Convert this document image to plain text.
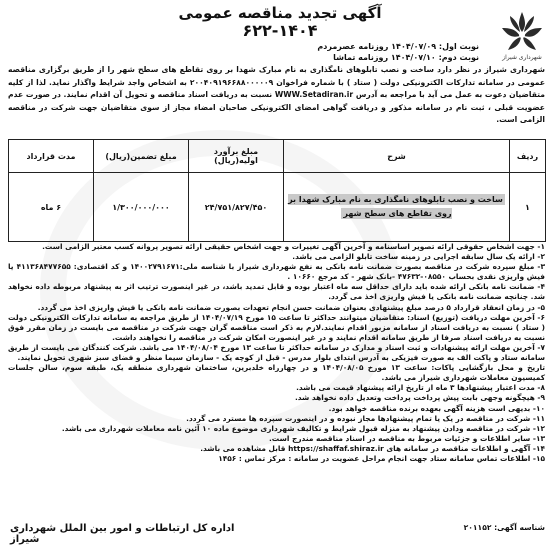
شهرداری شیراز
آگهی تجدید مناقصه عمومی
۶۲۲-۱۴۰۴
نوبت اول: ۱۴۰۴/۰۷/۰۹ روزنامه عصرمردم
نوبت دوم: ۱۴۰۴/۰۷/۱۰ روزنامه تماشا
شهرداری شیراز در نظر دارد ساخت و نصب تابلوهای نامگذاری به نام مبارک شهدا بر روی تقاطع های سطح شهر را از طریق برگزاری مناقصه عمومی در سامانه تدارکات الکترونیکی دولت ( ستاد ) با شماره فراخوان ۲۰۰۴۰۹۱۹۶۶۸۸۰۰۰۰۰۹ به اشخاص واجد شرایط واگذار نماید. لذا از کلیه متقاضیان دعوت به عمل می آید با مراجعه به آدرس WWW.Setadiran.ir نسبت به دریافت اسناد مناقصه و تحویل آن اقدام نمایند. در صورت عدم عضویت قبلی ، ثبت نام در سامانه مذکور و دریافت گواهی امضای الکترونیکی صاحبان امضاء مجاز از سوی متقاضیان جهت شرکت در مناقصه الزامی است.
ردیف	شرح	مبلغ برآورد اولیه(ریال)	مبلغ تضمین(ریال)	مدت قرارداد
۱	ساخت و نصب تابلوهای نامگذاری به نام مبارک شهدا بر روی تقاطع های سطح شهر	۲۴/۷۵۱/۸۲۷/۴۵۰	۱/۳۰۰/۰۰۰/۰۰۰	۶ ماه

۱- جهت اشخاص حقوقی ارائه تصویر اساسنامه و آخرین آگهی تغییرات و جهت اشخاص حقیقی ارائه تصویر پروانه کسب معتبر الزامی است.

۲- ارائه یک سال سابقه اجرایی در زمینه ساخت تابلو الزامی می باشد.

۳- مبلغ سپرده شرکت در مناقصه بصورت ضمانت نامه بانکی به نفع شهرداری شیراز با شناسه ملی:۱۴۰۰۲۷۹۱۶۷۱ و کد اقتصادی: ۴۱۱۳۶۸۴۷۷۶۵۵ یا فیش واریزی نقدی بحساب ۰۸۵۵۰-۴۷۶۳۲ -بانک شهر - کد مرجع ۱۰۶۶۰ .

۴- ضمانت نامه بانکی ارائه شده باید دارای حداقل سه ماه اعتبار بوده و قابل تمدید باشد، در غیر اینصورت ترتیب اثر به پیشنهاد مربوطه داده نخواهد شد. چنانچه ضمانت نامه بانکی یا فیش واریزی اخذ می گردد.

۵- در زمان انعقاد قرارداد ۵ درصد مبلغ پیشنهادی بعنوان ضمانت حسن انجام تعهدات بصورت ضمانت نامه بانکی یا فیش واریزی اخذ می گردد.

۶- آخرین مهلت دریافت (توزیع) اسناد: متقاضیان میتوانند حداکثر تا ساعت ۱۵ مورخ ۱۴۰۴/۰۷/۱۹ از طریق مراجعه به سامانه تدارکات الکترونیکی دولت ( ستاد ) نسبت به دریافت اسناد از سامانه مزبور اقدام نمایند.لازم به ذکر است مناقصه گران جهت شرکت در مناقصه می بایست در زمان مقرر فوق نسبت به دریافت اسناد صرفا از طریق سامانه اقدام نمایند و در غیر اینصورت امکان شرکت در مناقصه را نخواهند داشت.

۷- آخرین مهلت ارائه پیشنهادات و ثبت اسناد و مدارک در سامانه حداکثر تا ساعت ۱۳ مورخ ۱۴۰۴/۰۸/۰۴ می باشد. شرکت کنندگان می بایست از طریق سامانه ستاد و پاکت الف به صورت فیزیکی به آدرس ابتدای بلوار مدرس - قبل از کوچه یک - سازمان سیما منظر و فضای سبز شهری تحویل نمایند.

تاریخ و محل بازگشایی پاکات: ساعت ۱۳ مورخ ۱۴۰۴/۰۸/۰۵ و در چهارراه خلدبرین، ساختمان شهرداری منطقه یک، طبقه سوم، سالن جلسات کمیسیون معاملات شهرداری شیراز می باشد.

۸- مدت اعتبار پیشنهادها ۳ ماه از تاریخ ارائه پیشنهاد قیمت می باشد.

۹- هیچگونه وجهی بابت پیش پرداخت پرداخت وتعدیل داده نخواهد شد.

۱۰- بدیهی است هزینه آگهی بعهده برنده مناقصه خواهد بود.

۱۱- شرکت در مناقصه در یک یا تمام پیشنهادها مجاز نبوده و در اینصورت سپرده ها مسترد می گردد.

۱۲- شرکت در مناقصه ودادن پیشنهاد به منزله قبول شرایط و تکالیف شهرداری موضوع ماده ۱۰ آئین نامه معاملات شهرداری می باشد.

۱۳- سایر اطلاعات و جزئیات مربوط به مناقصه در اسناد مناقصه مندرج است.

۱۴- آگهی و اطلاعات مناقصه در سامانه های https://shaffaf.shiraz.ir قابل مشاهده می باشد.

۱۵- اطلاعات تماس سامانه ستاد جهت انجام مراحل عضویت در سامانه : مرکز تماس : ۱۴۵۶

شناسه آگهی: ۲۰۱۱۵۲
اداره کل ارتباطات و امور بین الملل شهرداری شیراز
